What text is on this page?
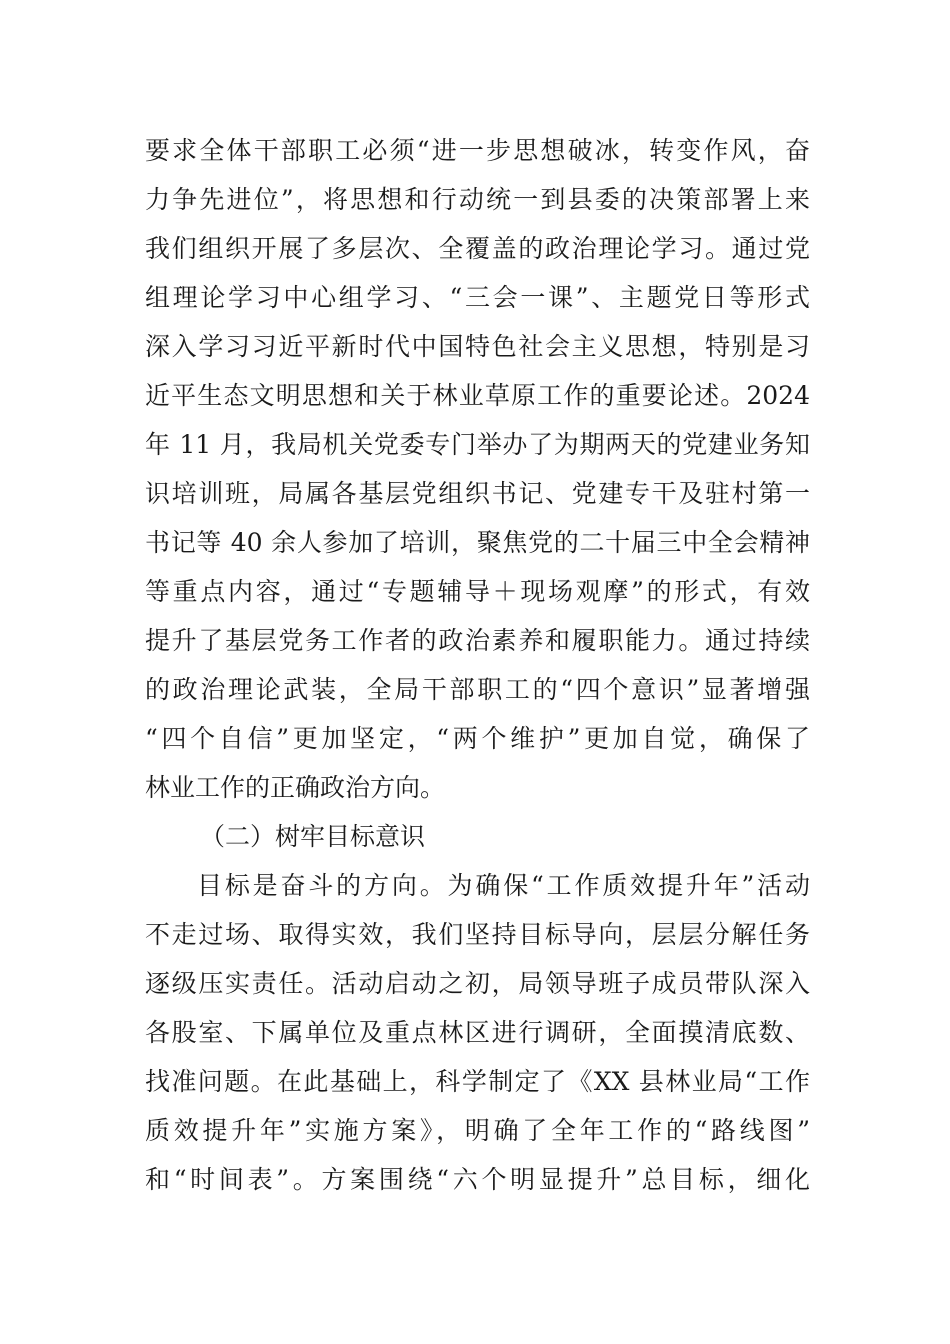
要求全体干部职工必须“进一步思想破冰，转变作风，奋
力争先进位”，将思想和行动统一到县委的决策部署上来
我们组织开展了多层次、全覆盖的政治理论学习。通过党
组理论学习中心组学习、“三会一课”、主题党日等形式
深入学习习近平新时代中国特色社会主义思想，特别是习
近平生态文明思想和关于林业草原工作的重要论述。2024
年 11 月，我局机关党委专门举办了为期两天的党建业务知
识培训班，局属各基层党组织书记、党建专干及驻村第一
书记等 40 余人参加了培训，聚焦党的二十届三中全会精神
等重点内容，通过“专题辅导＋现场观摩”的形式，有效
提升了基层党务工作者的政治素养和履职能力。通过持续
的政治理论武装，全局干部职工的“四个意识”显著增强
“四个自信”更加坚定，“两个维护”更加自觉，确保了
林业工作的正确政治方向。
（二）树牢目标意识
目标是奋斗的方向。为确保“工作质效提升年”活动
不走过场、取得实效，我们坚持目标导向，层层分解任务
逐级压实责任。活动启动之初，局领导班子成员带队深入
各股室、下属单位及重点林区进行调研，全面摸清底数、
找准问题。在此基础上，科学制定了《XX 县林业局“工作
质效提升年”实施方案》，明确了全年工作的“路线图”
和“时间表”。方案围绕“六个明显提升”总目标，细化
